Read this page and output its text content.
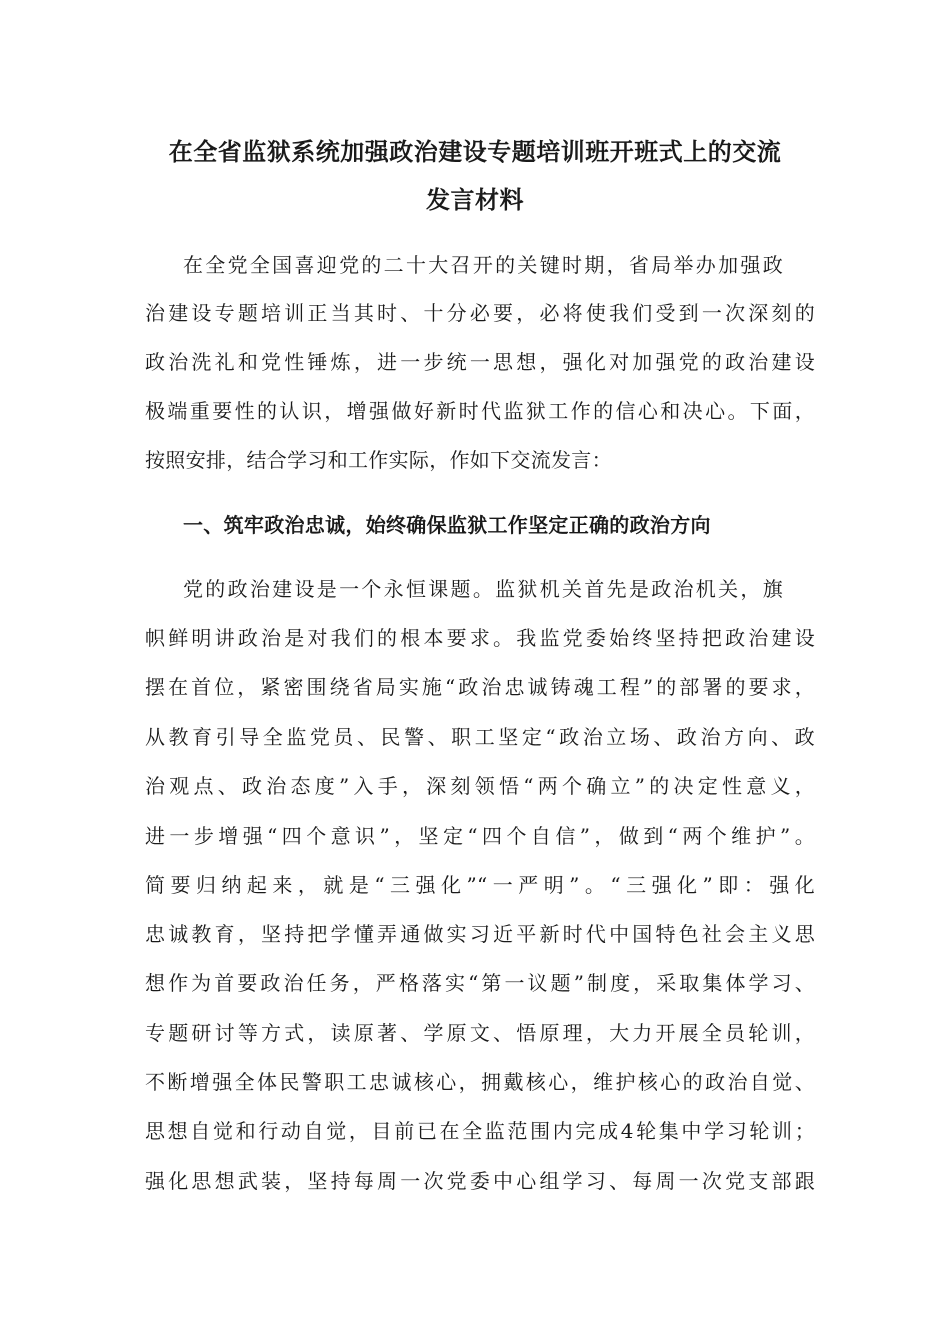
在全省监狱系统加强政治建设专题培训班开班式上的交流
发言材料
在全党全国喜迎党的二十大召开的关键时期，省局举办加强政
治建设专题培训正当其时、十分必要，必将使我们受到一次深刻的
政治洗礼和党性锤炼，进一步统一思想，强化对加强党的政治建设
极端重要性的认识，增强做好新时代监狱工作的信心和决心。下面，
按照安排，结合学习和工作实际，作如下交流发言：
一、筑牢政治忠诚，始终确保监狱工作坚定正确的政治方向
党的政治建设是一个永恒课题。监狱机关首先是政治机关，旗
帜鲜明讲政治是对我们的根本要求。我监党委始终坚持把政治建设
摆在首位，紧密围绕省局实施“政治忠诚铸魂工程”的部署的要求，
从教育引导全监党员、民警、职工坚定“政治立场、政治方向、政
治观点、政治态度”入手，深刻领悟“两个确立”的决定性意义，
进一步增强“四个意识”，坚定“四个自信”，做到“两个维护”。
简要归纳起来，就是“三强化”“一严明”。“三强化”即：强化
忠诚教育，坚持把学懂弄通做实习近平新时代中国特色社会主义思
想作为首要政治任务，严格落实“第一议题”制度，采取集体学习、
专题研讨等方式，读原著、学原文、悟原理，大力开展全员轮训，
不断增强全体民警职工忠诚核心，拥戴核心，维护核心的政治自觉、
思想自觉和行动自觉，目前已在全监范围内完成4轮集中学习轮训；
强化思想武装，坚持每周一次党委中心组学习、每周一次党支部跟
